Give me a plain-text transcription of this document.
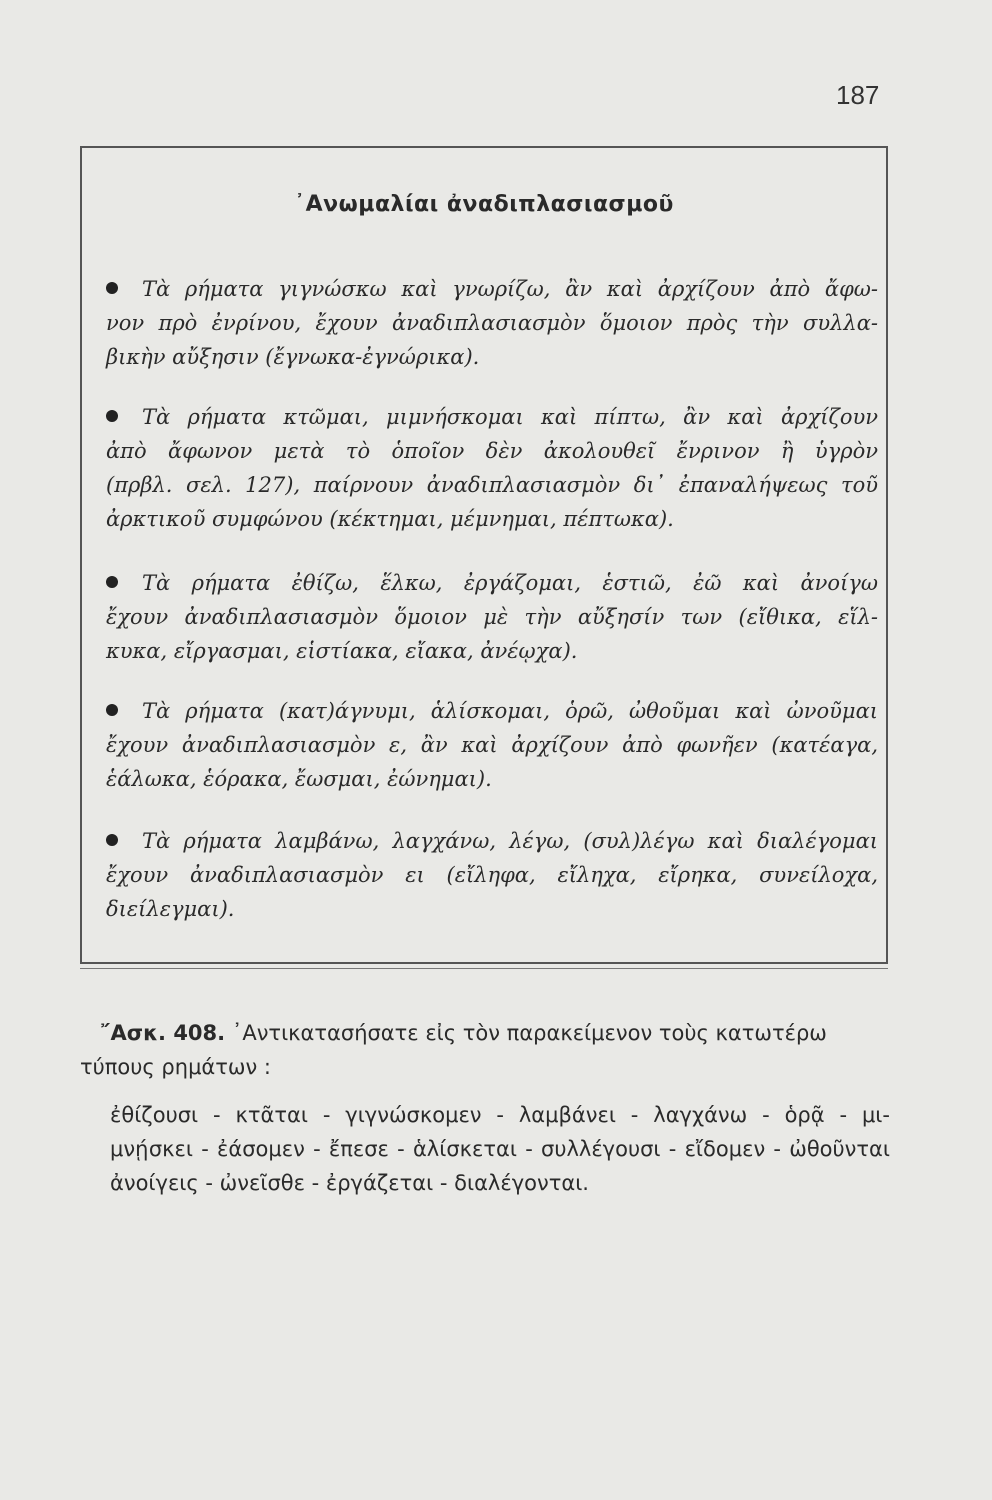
187
᾿Ανωμαλίαι ἀναδιπλασιασμοῦ
Τὰ ρήματα γιγνώσκω καὶ γνωρίζω, ἂν καὶ ἀρχίζουν ἀπὸ ἄφω-
νον πρὸ ἐνρίνου, ἔχουν ἀναδιπλασιασμὸν ὅμοιον πρὸς τὴν συλλα-
βικὴν αὔξησιν (ἔγνωκα-ἐγνώρικα).
Τὰ ρήματα κτῶμαι, μιμνήσκομαι καὶ πίπτω, ἂν καὶ ἀρχίζουν
ἀπὸ ἄφωνον μετὰ τὸ ὁποῖον δὲν ἀκολουθεῖ ἔνρινον ἢ ὑγρὸν
(πρβλ. σελ. 127), παίρνουν ἀναδιπλασιασμὸν δι᾿ ἐπαναλήψεως τοῦ
ἀρκτικοῦ συμφώνου (κέκτημαι, μέμνημαι, πέπτωκα).
Τὰ ρήματα ἐθίζω, ἕλκω, ἐργάζομαι, ἑστιῶ, ἐῶ καὶ ἀνοίγω
ἔχουν ἀναδιπλασιασμὸν ὅμοιον μὲ τὴν αὔξησίν των (εἴθικα, εἵλ-
κυκα, εἴργασμαι, εἱστίακα, εἴακα, ἀνέῳχα).
Τὰ ρήματα (κατ)άγνυμι, ἁλίσκομαι, ὁρῶ, ὠθοῦμαι καὶ ὠνοῦμαι
ἔχουν ἀναδιπλασιασμὸν ε, ἂν καὶ ἀρχίζουν ἀπὸ φωνῆεν (κατέαγα,
ἑάλωκα, ἑόρακα, ἔωσμαι, ἐώνημαι).
Τὰ ρήματα λαμβάνω, λαγχάνω, λέγω, (συλ)λέγω καὶ διαλέγομαι
ἔχουν ἀναδιπλασιασμὸν ει (εἴληφα, εἴληχα, εἴρηκα, συνείλοχα,
διείλεγμαι).
῎Ασκ. 408. ᾿Αντικατασήσατε εἰς τὸν παρακείμενον τοὺς κατωτέρω
τύπους ρημάτων :
ἐθίζουσι - κτᾶται - γιγνώσκομεν - λαμβάνει - λαγχάνω - ὁρᾷ - μι-
μνῄσκει - ἐάσομεν - ἔπεσε - ἁλίσκεται - συλλέγουσι - εἴδομεν - ὠθοῦνται
ἀνοίγεις - ὠνεῖσθε - ἐργάζεται - διαλέγονται.
